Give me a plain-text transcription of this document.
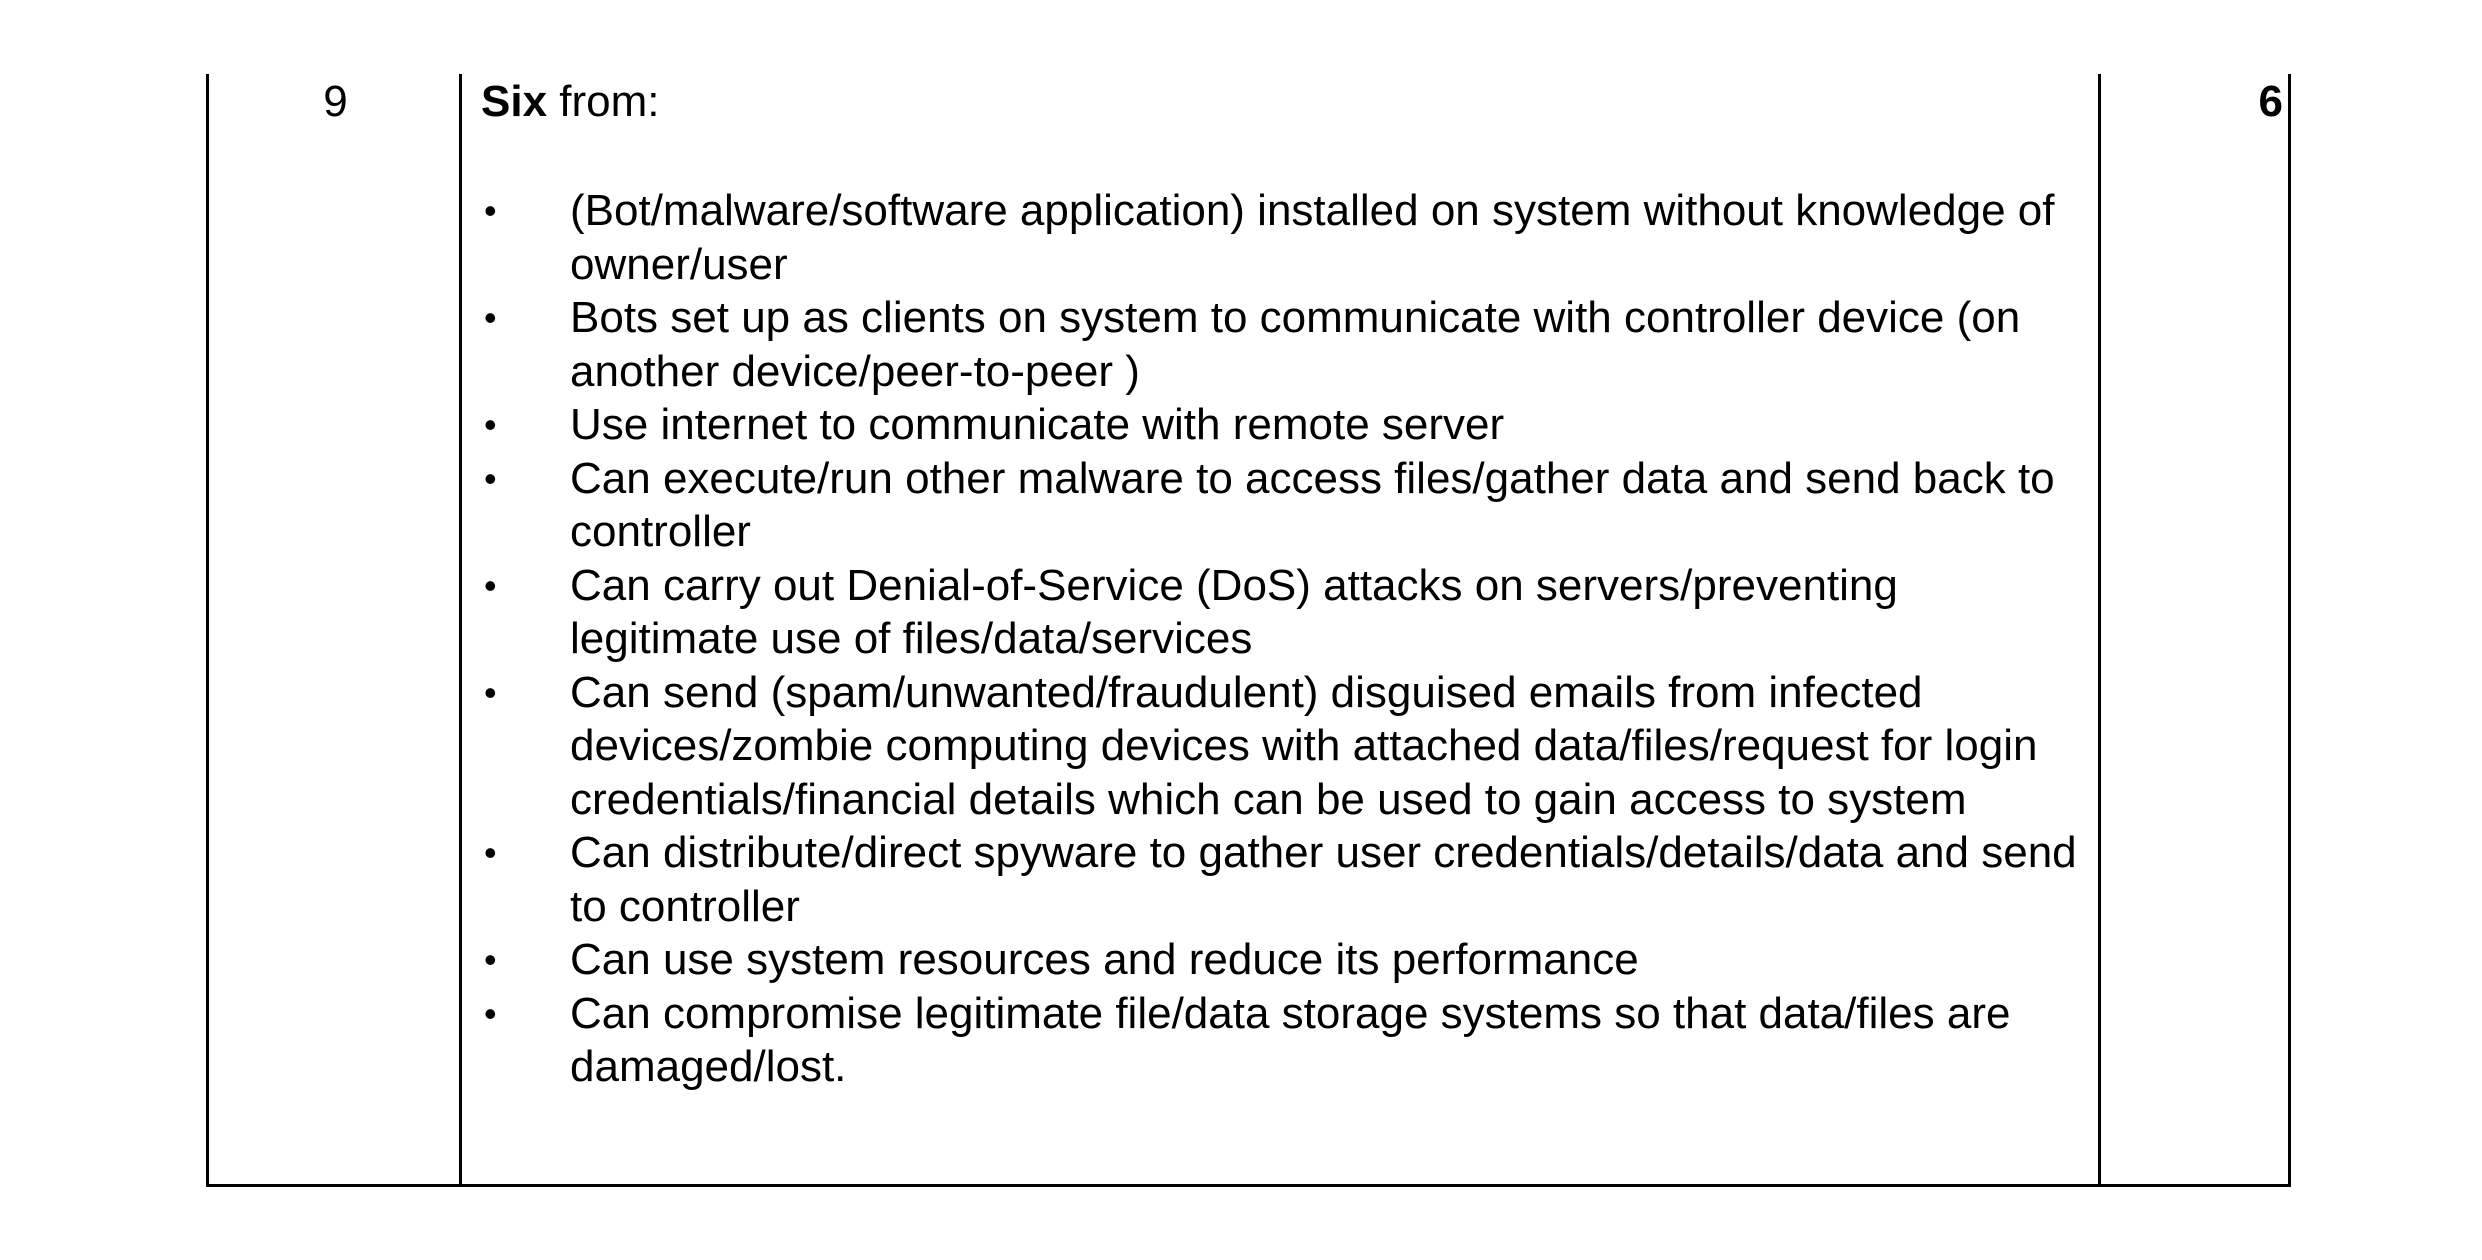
9	Six from:

• (Bot/malware/software application) installed on system without knowledge of owner/user
• Bots set up as clients on system to communicate with controller device (on another device/peer-to-peer )
• Use internet to communicate with remote server
• Can execute/run other malware to access files/gather data and send back to controller
• Can carry out Denial-of-Service (DoS) attacks on servers/preventing legitimate use of files/data/services
• Can send (spam/unwanted/fraudulent) disguised emails from infected devices/zombie computing devices with attached data/files/request for login credentials/financial details which can be used to gain access to system
• Can distribute/direct spyware to gather user credentials/details/data and send to controller
• Can use system resources and reduce its performance
• Can compromise legitimate file/data storage systems so that data/files are damaged/lost.
6
